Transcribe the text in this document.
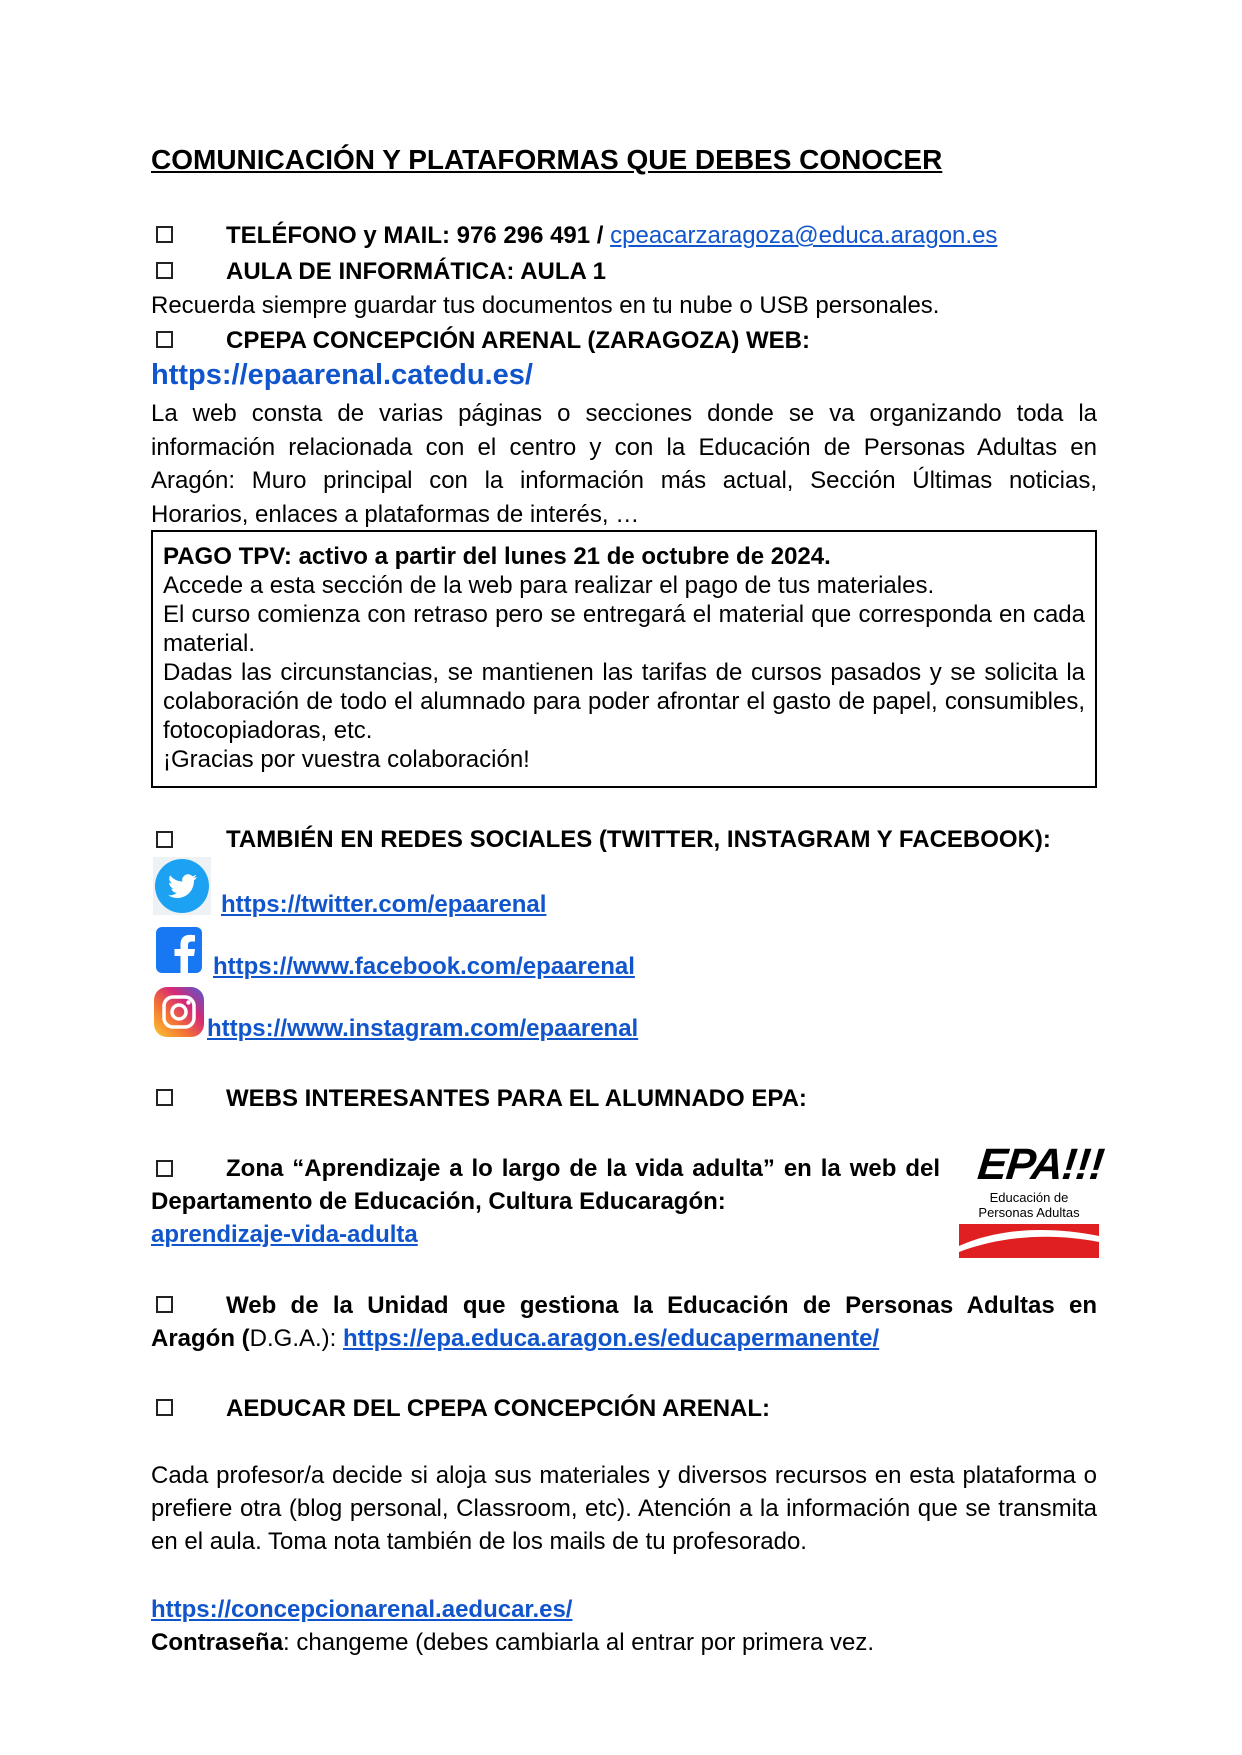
COMUNICACIÓN Y PLATAFORMAS QUE DEBES CONOCER
TELÉFONO y MAIL: 976 296 491 / cpeacarzaragoza@educa.aragon.es
AULA DE INFORMÁTICA: AULA 1
Recuerda siempre guardar tus documentos en tu nube o USB personales.
CPEPA CONCEPCIÓN ARENAL (ZARAGOZA) WEB:
https://epaarenal.catedu.es/
La web consta de varias páginas o secciones donde se va organizando toda la información relacionada con el centro y con la Educación de Personas Adultas en Aragón: Muro principal con la información más actual, Sección Últimas noticias, Horarios, enlaces a plataformas de interés, …
PAGO TPV: activo a partir del lunes 21 de octubre de 2024.
Accede a esta sección de la web para realizar el pago de tus materiales.
El curso comienza con retraso pero se entregará el material que corresponda en cada material.
Dadas las circunstancias, se mantienen las tarifas de cursos pasados y se solicita la colaboración de todo el alumnado para poder afrontar el gasto de papel, consumibles, fotocopiadoras, etc.
¡Gracias por vuestra colaboración!
TAMBIÉN EN REDES SOCIALES (TWITTER, INSTAGRAM Y FACEBOOK):
https://twitter.com/epaarenal
https://www.facebook.com/epaarenal
https://www.instagram.com/epaarenal
WEBS INTERESANTES PARA EL ALUMNADO EPA:
Zona “Aprendizaje a lo largo de la vida adulta” en la web del Departamento de Educación, Cultura Educaragón:
aprendizaje-vida-adulta
EPA!!!
Educación de
Personas Adultas
Web de la Unidad que gestiona la Educación de Personas Adultas en Aragón (D.G.A.): https://epa.educa.aragon.es/educapermanente/
AEDUCAR DEL CPEPA CONCEPCIÓN ARENAL:
Cada profesor/a decide si aloja sus materiales y diversos recursos en esta plataforma o prefiere otra (blog personal, Classroom, etc). Atención a la información que se transmita en el aula. Toma nota también de los mails de tu profesorado.
https://concepcionarenal.aeducar.es/
Contraseña: changeme (debes cambiarla al entrar por primera vez.
